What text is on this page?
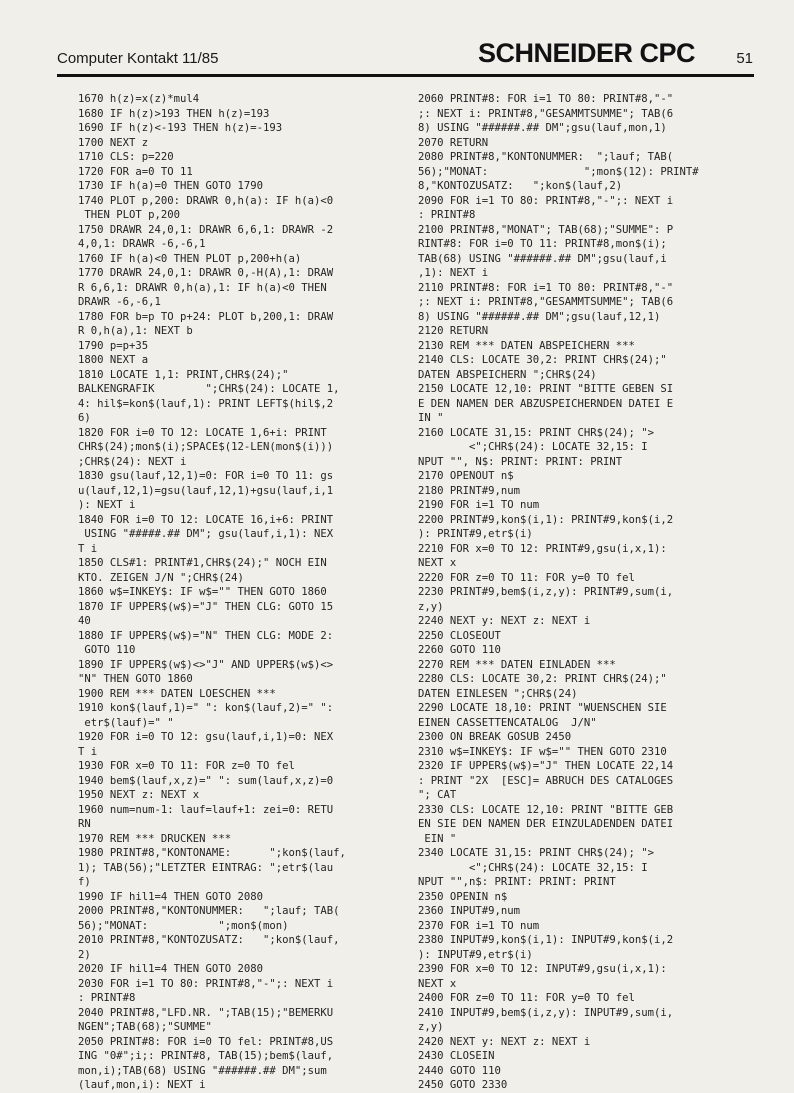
Computer Kontakt 11/85	SCHNEIDER CPC	51
1670 h(z)=x(z)*mul4
1680 IF h(z)>193 THEN h(z)=193
1690 IF h(z)<-193 THEN h(z)=-193
1700 NEXT z
1710 CLS: p=220
1720 FOR a=0 TO 11
1730 IF h(a)=0 THEN GOTO 1790
1740 PLOT p,200: DRAWR 0,h(a): IF h(a)<0
THEN PLOT p,200
1750 DRAWR 24,0,1: DRAWR 6,6,1: DRAWR -2
4,0,1: DRAWR -6,-6,1
1760 IF h(a)<0 THEN PLOT p,200+h(a)
1770 DRAWR 24,0,1: DRAWR 0,-H(A),1: DRAW
R 6,6,1: DRAWR 0,h(a),1: IF h(a)<0 THEN
DRAWR -6,-6,1
1780 FOR b=p TO p+24: PLOT b,200,1: DRAW
R 0,h(a),1: NEXT b
1790 p=p+35
1800 NEXT a
1810 LOCATE 1,1: PRINT,CHR$(24);"
BALKENGRAFIK        ";CHR$(24): LOCATE 1,
4: hil$=kon$(lauf,1): PRINT LEFT$(hil$,2
6)
1820 FOR i=0 TO 12: LOCATE 1,6+i: PRINT
CHR$(24);mon$(i);SPACE$(12-LEN(mon$(i)))
;CHR$(24): NEXT i
1830 gsu(lauf,12,1)=0: FOR i=0 TO 11: gs
u(lauf,12,1)=gsu(lauf,12,1)+gsu(lauf,i,1
): NEXT i
1840 FOR i=0 TO 12: LOCATE 16,i+6: PRINT
USING "#####.## DM"; gsu(lauf,i,1): NEX
T i
1850 CLS#1: PRINT#1,CHR$(24);" NOCH EIN
KTO. ZEIGEN J/N ";CHR$(24)
1860 w$=INKEY$: IF w$="" THEN GOTO 1860
1870 IF UPPER$(w$)="J" THEN CLG: GOTO 15
40
1880 IF UPPER$(w$)="N" THEN CLG: MODE 2:
GOTO 110
1890 IF UPPER$(w$)<>"J" AND UPPER$(w$)<>
"N" THEN GOTO 1860
1900 REM *** DATEN LOESCHEN ***
1910 kon$(lauf,1)=" ": kon$(lauf,2)=" ":
etr$(lauf)=" "
1920 FOR i=0 TO 12: gsu(lauf,i,1)=0: NEX
T i
1930 FOR x=0 TO 11: FOR z=0 TO fel
1940 bem$(lauf,x,z)=" ": sum(lauf,x,z)=0
1950 NEXT z: NEXT x
1960 num=num-1: lauf=lauf+1: zei=0: RETU
RN
1970 REM *** DRUCKEN ***
1980 PRINT#8,"KONTONAME:      ";kon$(lauf,
1); TAB(56);"LETZTER EINTRAG: ";etr$(lau
f)
1990 IF hil1=4 THEN GOTO 2080
2000 PRINT#8,"KONTONUMMER:   ";lauf; TAB(
56);"MONAT:           ";mon$(mon)
2010 PRINT#8,"KONTOZUSATZ:   ";kon$(lauf,
2)
2020 IF hil1=4 THEN GOTO 2080
2030 FOR i=1 TO 80: PRINT#8,"-";: NEXT i
: PRINT#8
2040 PRINT#8,"LFD.NR. ";TAB(15);"BEMERKU
NGEN";TAB(68);"SUMME"
2050 PRINT#8: FOR i=0 TO fel: PRINT#8,US
ING "0#";i;: PRINT#8, TAB(15);bem$(lauf,
mon,i);TAB(68) USING "######.## DM";sum
(lauf,mon,i): NEXT i
2060 PRINT#8: FOR i=1 TO 80: PRINT#8,"-"
;: NEXT i: PRINT#8,"GESAMMTSUMME"; TAB(6
8) USING "######.## DM";gsu(lauf,mon,1)
2070 RETURN
2080 PRINT#8,"KONTONUMMER:  ";lauf; TAB(
56);"MONAT:               ";mon$(12): PRINT#
8,"KONTOZUSATZ:   ";kon$(lauf,2)
2090 FOR i=1 TO 80: PRINT#8,"-";: NEXT i
: PRINT#8
2100 PRINT#8,"MONAT"; TAB(68);"SUMME": P
RINT#8: FOR i=0 TO 11: PRINT#8,mon$(i);
TAB(68) USING "######.## DM";gsu(lauf,i
,1): NEXT i
2110 PRINT#8: FOR i=1 TO 80: PRINT#8,"-"
;: NEXT i: PRINT#8,"GESAMMTSUMME"; TAB(6
8) USING "######.## DM";gsu(lauf,12,1)
2120 RETURN
2130 REM *** DATEN ABSPEICHERN ***
2140 CLS: LOCATE 30,2: PRINT CHR$(24);"
DATEN ABSPEICHERN ";CHR$(24)
2150 LOCATE 12,10: PRINT "BITTE GEBEN SI
E DEN NAMEN DER ABZUSPEICHERNDEN DATEI E
IN "
2160 LOCATE 31,15: PRINT CHR$(24); ">
<";CHR$(24): LOCATE 32,15: I
NPUT "", N$: PRINT: PRINT: PRINT
2170 OPENOUT n$
2180 PRINT#9,num
2190 FOR i=1 TO num
2200 PRINT#9,kon$(i,1): PRINT#9,kon$(i,2
): PRINT#9,etr$(i)
2210 FOR x=0 TO 12: PRINT#9,gsu(i,x,1):
NEXT x
2220 FOR z=0 TO 11: FOR y=0 TO fel
2230 PRINT#9,bem$(i,z,y): PRINT#9,sum(i,
z,y)
2240 NEXT y: NEXT z: NEXT i
2250 CLOSEOUT
2260 GOTO 110
2270 REM *** DATEN EINLADEN ***
2280 CLS: LOCATE 30,2: PRINT CHR$(24);"
DATEN EINLESEN ";CHR$(24)
2290 LOCATE 18,10: PRINT "WUENSCHEN SIE
EINEN CASSETTENCATALOG  J/N"
2300 ON BREAK GOSUB 2450
2310 w$=INKEY$: IF w$="" THEN GOTO 2310
2320 IF UPPER$(w$)="J" THEN LOCATE 22,14
: PRINT "2X  [ESC]= ABRUCH DES CATALOGES
"; CAT
2330 CLS: LOCATE 12,10: PRINT "BITTE GEB
EN SIE DEN NAMEN DER EINZULADENDEN DATEI
EIN "
2340 LOCATE 31,15: PRINT CHR$(24); ">
<";CHR$(24): LOCATE 32,15: I
NPUT "",n$: PRINT: PRINT: PRINT
2350 OPENIN n$
2360 INPUT#9,num
2370 FOR i=1 TO num
2380 INPUT#9,kon$(i,1): INPUT#9,kon$(i,2
): INPUT#9,etr$(i)
2390 FOR x=0 TO 12: INPUT#9,gsu(i,x,1):
NEXT x
2400 FOR z=0 TO 11: FOR y=0 TO fel
2410 INPUT#9,bem$(i,z,y): INPUT#9,sum(i,
z,y)
2420 NEXT y: NEXT z: NEXT i
2430 CLOSEIN
2440 GOTO 110
2450 GOTO 2330
